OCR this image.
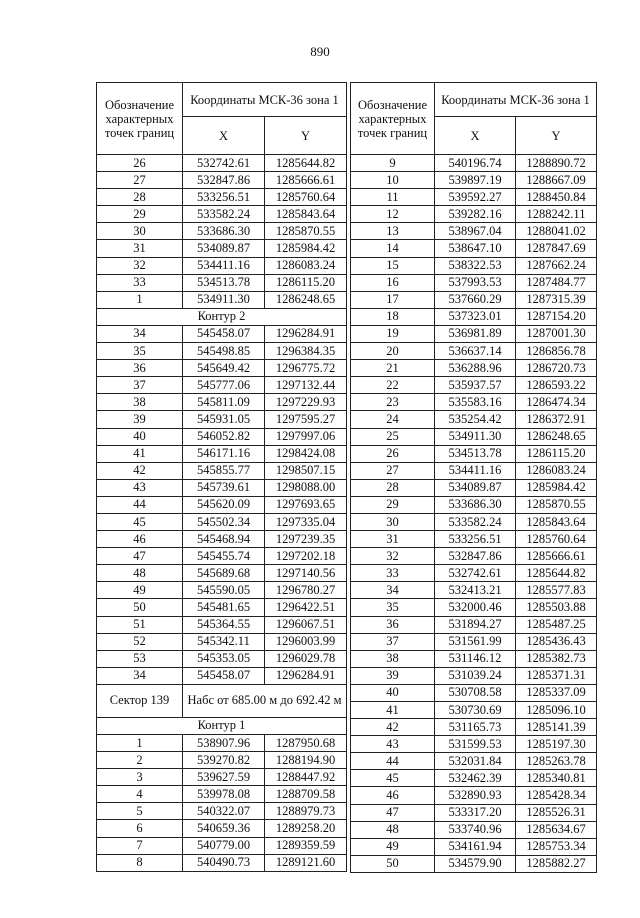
890
Обозначение характерных точек границ	Координаты МСК-36 зона 1	
	X	Y
26	532742.61	1285644.82
27	532847.86	1285666.61
28	533256.51	1285760.64
29	533582.24	1285843.64
30	533686.30	1285870.55
31	534089.87	1285984.42
32	534411.16	1286083.24
33	534513.78	1286115.20
1	534911.30	1286248.65
Контур 2		
34	545458.07	1296284.91
35	545498.85	1296384.35
36	545649.42	1296775.72
37	545777.06	1297132.44
38	545811.09	1297229.93
39	545931.05	1297595.27
40	546052.82	1297997.06
41	546171.16	1298424.08
42	545855.77	1298507.15
43	545739.61	1298088.00
44	545620.09	1297693.65
45	545502.34	1297335.04
46	545468.94	1297239.35
47	545455.74	1297202.18
48	545689.68	1297140.56
49	545590.05	1296780.27
50	545481.65	1296422.51
51	545364.55	1296067.51
52	545342.11	1296003.99
53	545353.05	1296029.78
34	545458.07	1296284.91
Сектор 139	Набс от 685.00 м до 692.42 м	
Контур 1		
1	538907.96	1287950.68
2	539270.82	1288194.90
3	539627.59	1288447.92
4	539978.08	1288709.58
5	540322.07	1288979.73
6	540659.36	1289258.20
7	540779.00	1289359.59
8	540490.73	1289121.60
Обозначение характерных точек границ	Координаты МСК-36 зона 1	
	X	Y
9	540196.74	1288890.72
10	539897.19	1288667.09
11	539592.27	1288450.84
12	539282.16	1288242.11
13	538967.04	1288041.02
14	538647.10	1287847.69
15	538322.53	1287662.24
16	537993.53	1287484.77
17	537660.29	1287315.39
18	537323.01	1287154.20
19	536981.89	1287001.30
20	536637.14	1286856.78
21	536288.96	1286720.73
22	535937.57	1286593.22
23	535583.16	1286474.34
24	535254.42	1286372.91
25	534911.30	1286248.65
26	534513.78	1286115.20
27	534411.16	1286083.24
28	534089.87	1285984.42
29	533686.30	1285870.55
30	533582.24	1285843.64
31	533256.51	1285760.64
32	532847.86	1285666.61
33	532742.61	1285644.82
34	532413.21	1285577.83
35	532000.46	1285503.88
36	531894.27	1285487.25
37	531561.99	1285436.43
38	531146.12	1285382.73
39	531039.24	1285371.31
40	530708.58	1285337.09
41	530730.69	1285096.10
42	531165.73	1285141.39
43	531599.53	1285197.30
44	532031.84	1285263.78
45	532462.39	1285340.81
46	532890.93	1285428.34
47	533317.20	1285526.31
48	533740.96	1285634.67
49	534161.94	1285753.34
50	534579.90	1285882.27
